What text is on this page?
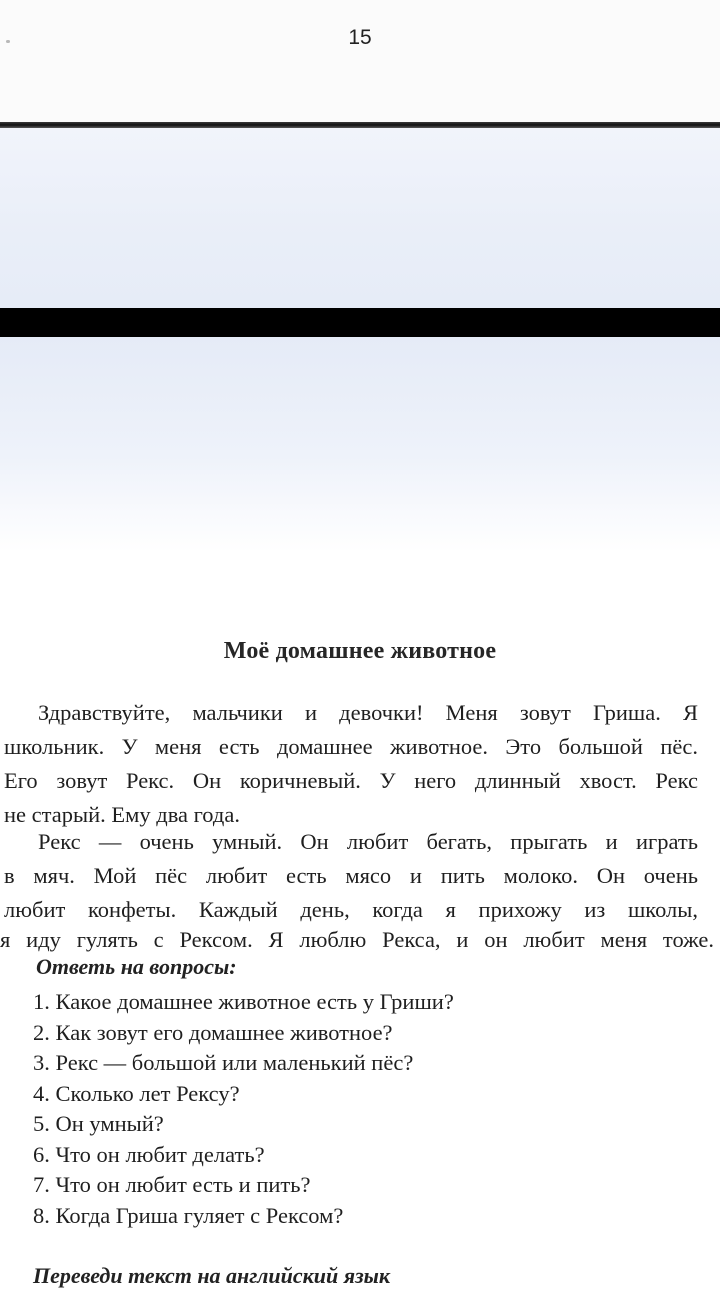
15
Моё домашнее животное
Здравствуйте, мальчики и девочки! Меня зовут Гриша. Я
школьник. У меня есть домашнее животное. Это большой пёс.
Его зовут Рекс. Он коричневый. У него длинный хвост. Рекс
не старый. Ему два года.
Рекс — очень умный. Он любит бегать, прыгать и играть
в мяч. Мой пёс любит есть мясо и пить молоко. Он очень
любит конфеты. Каждый день, когда я прихожу из школы,
я иду гулять с Рексом. Я люблю Рекса, и он любит меня тоже.
Ответь на вопросы:
1. Какое домашнее животное есть у Гриши?
2. Как зовут его домашнее животное?
3. Рекс — большой или маленький пёс?
4. Сколько лет Рексу?
5. Он умный?
6. Что он любит делать?
7. Что он любит есть и пить?
8. Когда Гриша гуляет с Рексом?
Переведи текст на английский язык
